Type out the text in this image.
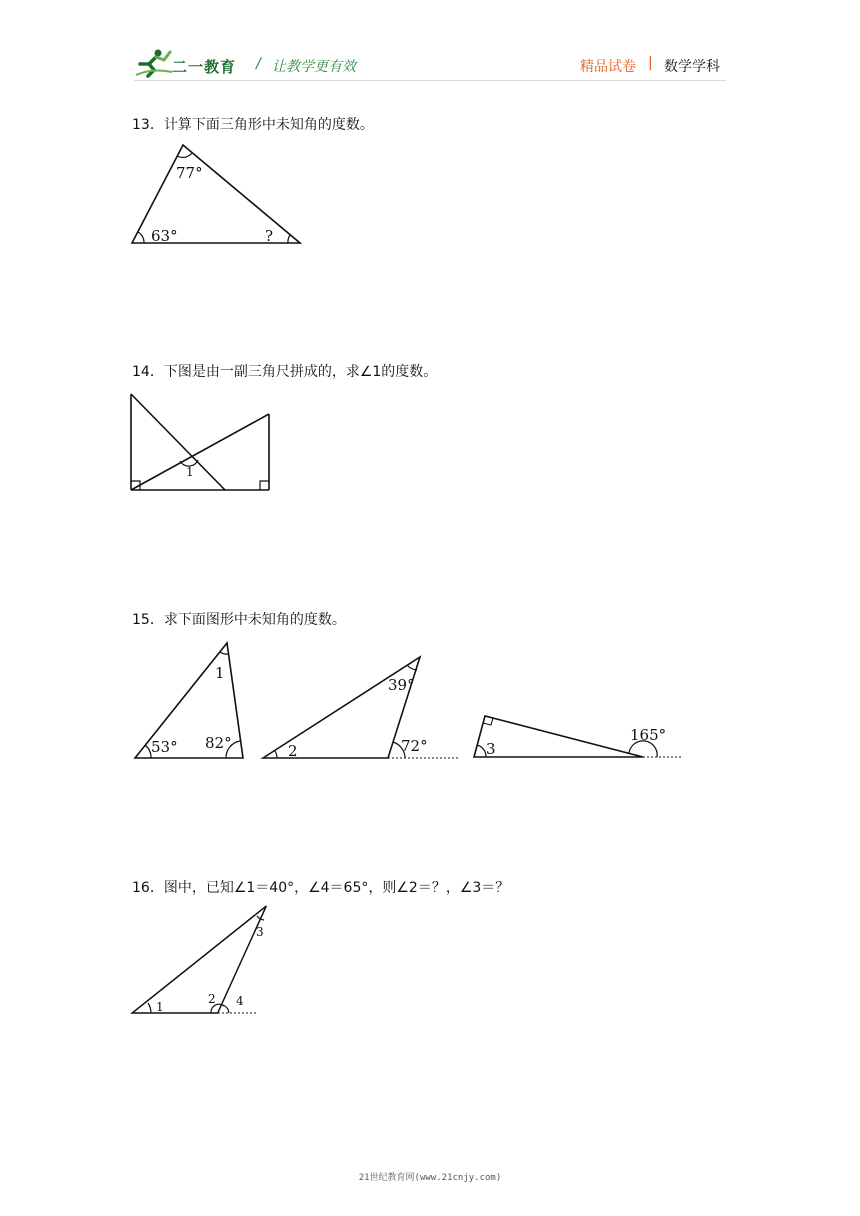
二一教育 / 让教学更有效	精品试卷 | 数学学科
13．计算下面三角形中未知角的度数。
77°
63°	?
14．下图是由一副三角尺拼成的，求∠1的度数。
1
15．求下面图形中未知角的度数。
1
53° 82°
39°
2	72°	3
165°
16．图中，已知∠1＝40°，∠4＝65°，则∠2＝？，∠3＝？
1
2
3
4
21世纪教育网(www.21cnjy.com)
